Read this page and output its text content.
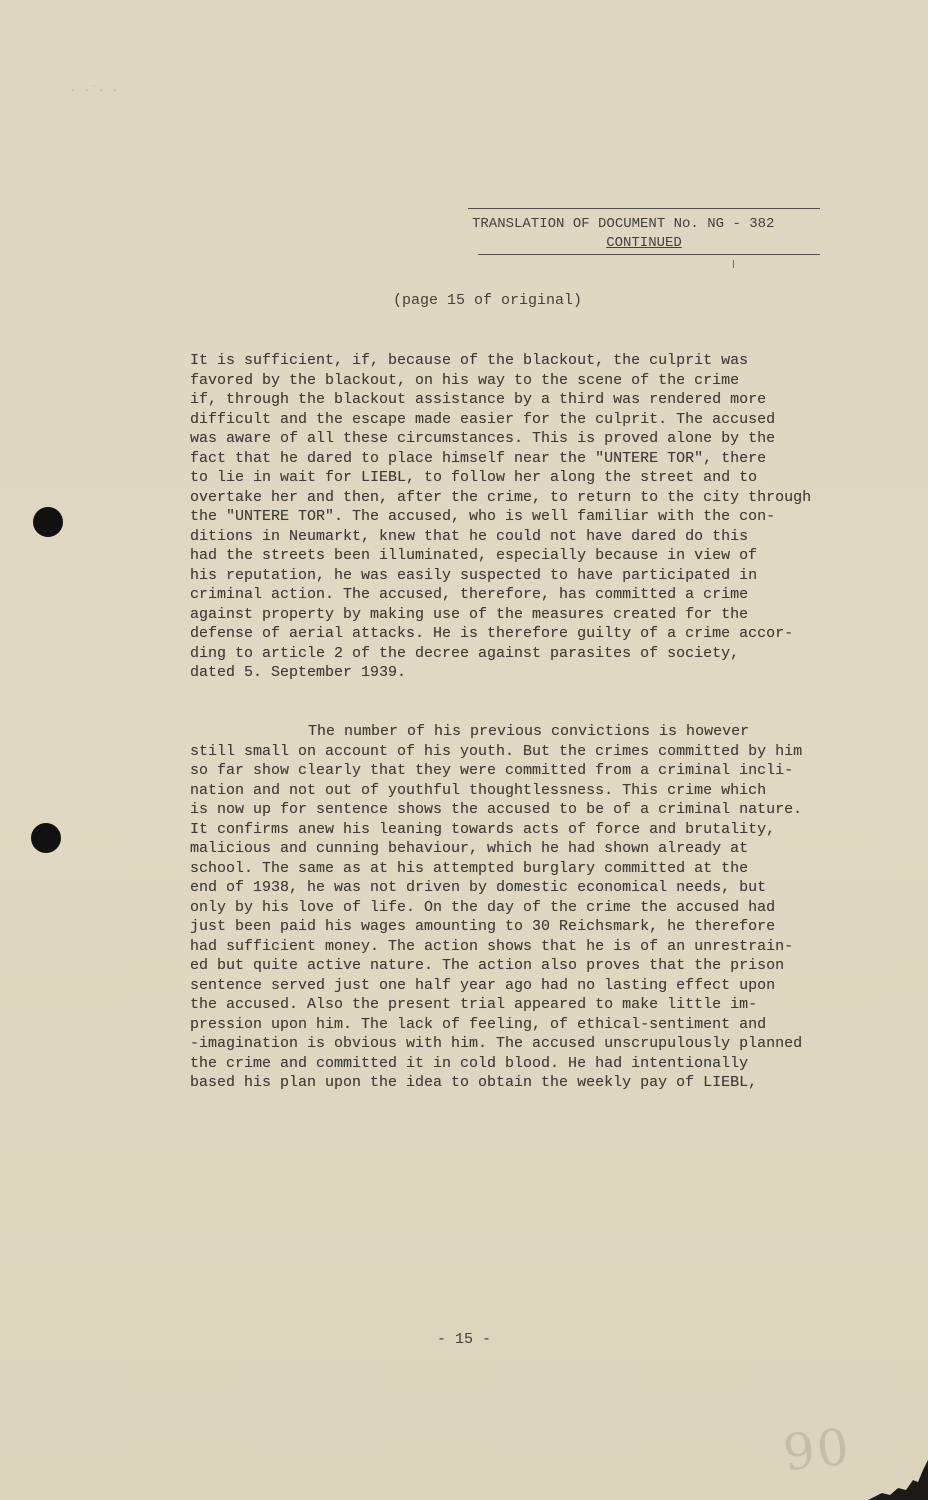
· ·˙· ·
TRANSLATION OF DOCUMENT No. NG - 382
CONTINUED
(page 15 of original)
It is sufficient, if, because of the blackout, the culprit was
favored by the blackout, on his way to the scene of the crime
if, through the blackout assistance by a third was rendered more
difficult and the escape made easier for the culprit. The accused
was aware of all these circumstances. This is proved alone by the
fact that he dared to place himself near the "UNTERE TOR", there
to lie in wait for LIEBL, to follow her along the street and to
overtake her and then, after the crime, to return to the city through
the "UNTERE TOR". The accused, who is well familiar with the con-
ditions in Neumarkt, knew that he could not have dared do this
had the streets been illuminated, especially because in view of
his reputation, he was easily suspected to have participated in
criminal action. The accused, therefore, has committed a crime
against property by making use of the measures created for the
defense of aerial attacks. He is therefore guilty of a crime accor-
ding to article 2 of the decree against parasites of society,
dated 5. September 1939.
The number of his previous convictions is however
still small on account of his youth. But the crimes committed by him
so far show clearly that they were committed from a criminal incli-
nation and not out of youthful thoughtlessness. This crime which
is now up for sentence shows the accused to be of a criminal nature.
It confirms anew his leaning towards acts of force and brutality,
malicious and cunning behaviour, which he had shown already at
school. The same as at his attempted burglary committed at the
end of 1938, he was not driven by domestic economical needs, but
only by his love of life. On the day of the crime the accused had
just been paid his wages amounting to 30 Reichsmark, he therefore
had sufficient money. The action shows that he is of an unrestrain-
ed but quite active nature. The action also proves that the prison
sentence served just one half year ago had no lasting effect upon
the accused. Also the present trial appeared to make little im-
pression upon him. The lack of feeling, of ethical-sentiment and
-imagination is obvious with him. The accused unscrupulously planned
the crime and committed it in cold blood. He had intentionally
based his plan upon the idea to obtain the weekly pay of LIEBL,
- 15 -
90
